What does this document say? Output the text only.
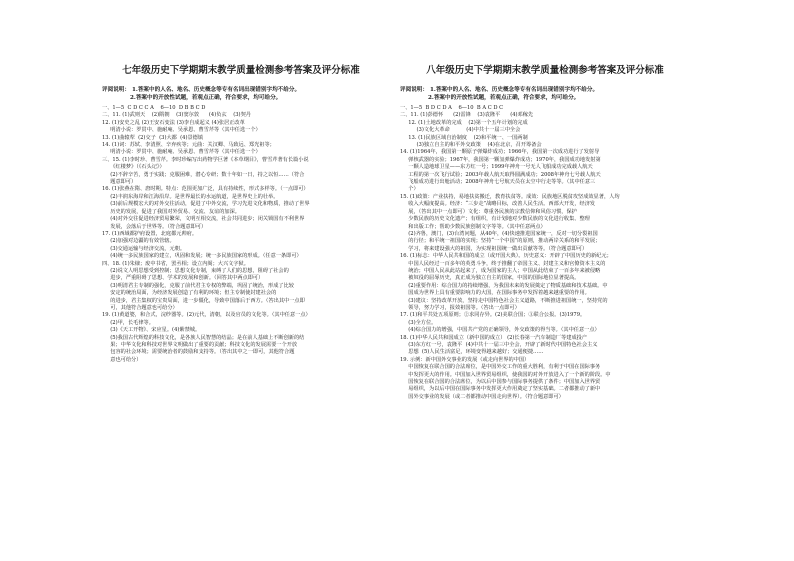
七年级历史下学期期末教学质量检测参考答案及评分标准
评阅说明： 1.答案中的人名、地名、历史概念等专有名词出现错别字均不给分。
2.答案中的开放性试题，若观点正确，符合要求，均可给分。
一、1—5  C D C C A    6—10  D B B C D
二、11. (1)武则天    (2)隋朝    (3)窦尔敦      (4)负玄    (3)契丹
12. (1)安史之乱 (2)王安石变法 (3)李自成起义 (4)张居正改革
明清小说：罗贯中、施耐庵、吴承恩、曹雪芹等（其中任选一个）
13. (1)曲辕犁  (2)交子  (3)大都  (4)景德镇
14. (1)词：苏轼、李清照、辛弃疾等；元曲：关汉卿、马致远、郑光祖等；
明清小说：罗贯中、施耐庵、吴承恩、曹雪芹等（其中任选一个）
三、15. (1)李时珍、曹雪芹。李时珍编写出药物学巨著《本草纲目》，曹雪芹著有长篇小说
《红楼梦》（《石头记》）
(2)不辞辛苦，勇于实践；克服困难，潜心专研；数十年如一日，持之以恒……（符合
题意即可）
16. (1)张燕在隋、唐时期。特点：范围更加广泛，具有持续性，形式多样等。（一点即可）
(2)丰润东海岸和江海沿岸。是世界最长的水运航道，是世界史上的壮举。
(3)前后规模宏大的对外交往活动，促进了中外交流，学习先进文化和物质，推动了世界
历史的发展，促进了我国对外贸易、交流、友谊的加深。
(4)对外交往促进经济贸易繁荣，文明互相交流，社会共同进步；闭关锁国有不利世界
发展，会落后于世界等。（符合题意即可）
17. (1)西域都护府设置，北庭都元帅府。
(2)加强对边疆的有效管辖。
(3)交通运输与经济交流，元朝。
(4)统一多民族国家的建立，巩固和发展；统一多民族国家的形成。（任意一条即可）
四、18. (1)朱棣；废中书省，罢丞相；设立内阁；大兴文字狱。
(2)说文人明思想受到控制；思想文化专制，束缚了人们的思想，阻碍了社会的
进步，严重阻碍了思想、学术的发展和创新。（回答其中两点即可）
(3)明清君主专制的强化，克服了前代君主专权的弊端，巩固了统治，形成了比较
安定的统治局面，为经济发展创造了有利的环境；但主专制使封建社会的
的进步，君主集权的宝贵局面，进一步僵化，导致中国落后于西方。（答出其中一点即
可，其他符合题意也可给分）
19. (1)黄道婆，和合式，浣纱器等。(2)元代，清朝，以及官员的文化等。（其中任意一点）
(2)甲，长毛律等。
(3)《天工开物》、宋应星。(4)紫禁城。
(5)我国古代辉煌的科技文化，是各族人民智慧的结晶；是在前人基础上不断创新的结
果；中华文化和科技对世界文明做出了重要的贡献；科技文化的发展需要一个开放
包容的社会环境；需要统治者的鼓励和支持等。（答出其中之一即可，其他符合题
意也可给分）
八年级历史下学期期末教学质量检测参考答案及评分标准
评阅说明： 1.答案中的人名、地名、历史概念等专有名词出现错别字均不给分。
2.答案中的开放性试题，若观点正确，符合要求，均可给分。
一、1—5  B D C D A    6—10  B A C D C
二、11. (1)彭德怀      (2)雷锋    (3)袁隆平      (4)邓稼先
12. (1)土地改革的完成    (2)第一个五年计划的完成
(3)文化大革命          (4)中共十一届三中全会
13. (1)民族区域自治制度    (2)和平统一、一国两制
(3)独立自主的和平外交政策    (4)在北京，召开筹备会
14. (1)1964年，我国第一颗原子弹爆炸成功；1966年，我国第一次成功进行了发射导
弹核武器的实验；1967年，我国第一颗氢弹爆炸成功；1970年，我国成功地发射第
一颗人造地球卫星——东方红一号；1999年神舟一号无人飞船成功完成载人航天
工程的第一次飞行试验；2003年载人航天取得圆满成功；2008年神舟七号载人航天
飞船成功进行出舱活动；2008年神舟七号航天员在太空中行走等等。（其中任意三
个）
15. (1)政策：产业扶持，易地扶贫搬迁，教育扶贫等。成效：民族地区脱贫攻坚成效显著，人均
收入大幅度提高。经济：“三步走”战略目标，改善人民生活。西部大开发，经济发
展，（答出其中一点即可）文化：尊重各民族的宗教信仰和风俗习惯，保护
少数民族的历史文化遗产；有组织，有计划地对少数民族的文化进行收集、整理
和出版工作；帮助少数民族创制文字等等。（其中任意两点）
(2)齐鲁，澳门，(3)台湾问题，从40年，(4)快速推进国家统一，反对一切分裂祖国
的行径；和平统一祖国的实现；坚持“一个中国”的原则，推动两岸关系的和平发展；
学习，将来建设强大的祖国，为实现祖国统一做出贡献等等。（符合题意即可）
16. (1)标志：中华人民共和国的成立（或开国大典）。历史意义：开辟了中国历史的新纪元；
中国人民经过一百多年的英勇斗争，终于推翻了帝国主义、封建主义和官僚资本主义的
统治；中国人民从此站起来了，成为国家的主人；中国从此结束了一百多年来被侵略
被奴役的屈辱历史，真正成为独立自主的国家，中国的国际地位显著提高。
(2)重要作用：综合国力的持续增强，为我国未来的发展奠定了物质基础和技术基础。中
国成为世界上具有重要影响力的大国，在国际事务中发挥着越来越重要的作用。
(3)建议：坚持改革开放，坚持走中国特色社会主义道路，不断推进祖国统一，坚持党的
领导，努力学习，报效祖国等。（答出一点即可）
17. (1)和平共处五项原则；②求同存异。(2)美联合国；③联合公报。(3)1979。
(3)全方位。
(4)综合国力的增强，中国共产党的正确领导，外交政策的得当等。（其中任意一点）
18. (1)中华人民共和国成立（新中国的成立） (2)长春第一汽车制造厂等建成投产
(3)东方红一号，袁隆平  (4)中共十一届三中全会，开辟了新时代中国特色社会主义
思想  (5)人民生活富足，环境变得越来越好；交通便捷……
19. 示例：新中国外交事业的发展（或走向世界的中国）
中国恢复在联合国的合法席位，是中国外交工作的重大胜利，有利于中国在国际事务
中发挥更大的作用。中国加入世界贸易组织，使我国的对外开放进入了一个新的阶段。中
国恢复在联合国的合法席位，为以后中国参与国际事务提供了条件；中国加入世界贸
易组织，为以后中国在国际事务中发挥更大作用奠定了坚实基础。二者都推动了新中
国外交事业的发展（或二者都推动中国走向世界）。（符合题意即可）
